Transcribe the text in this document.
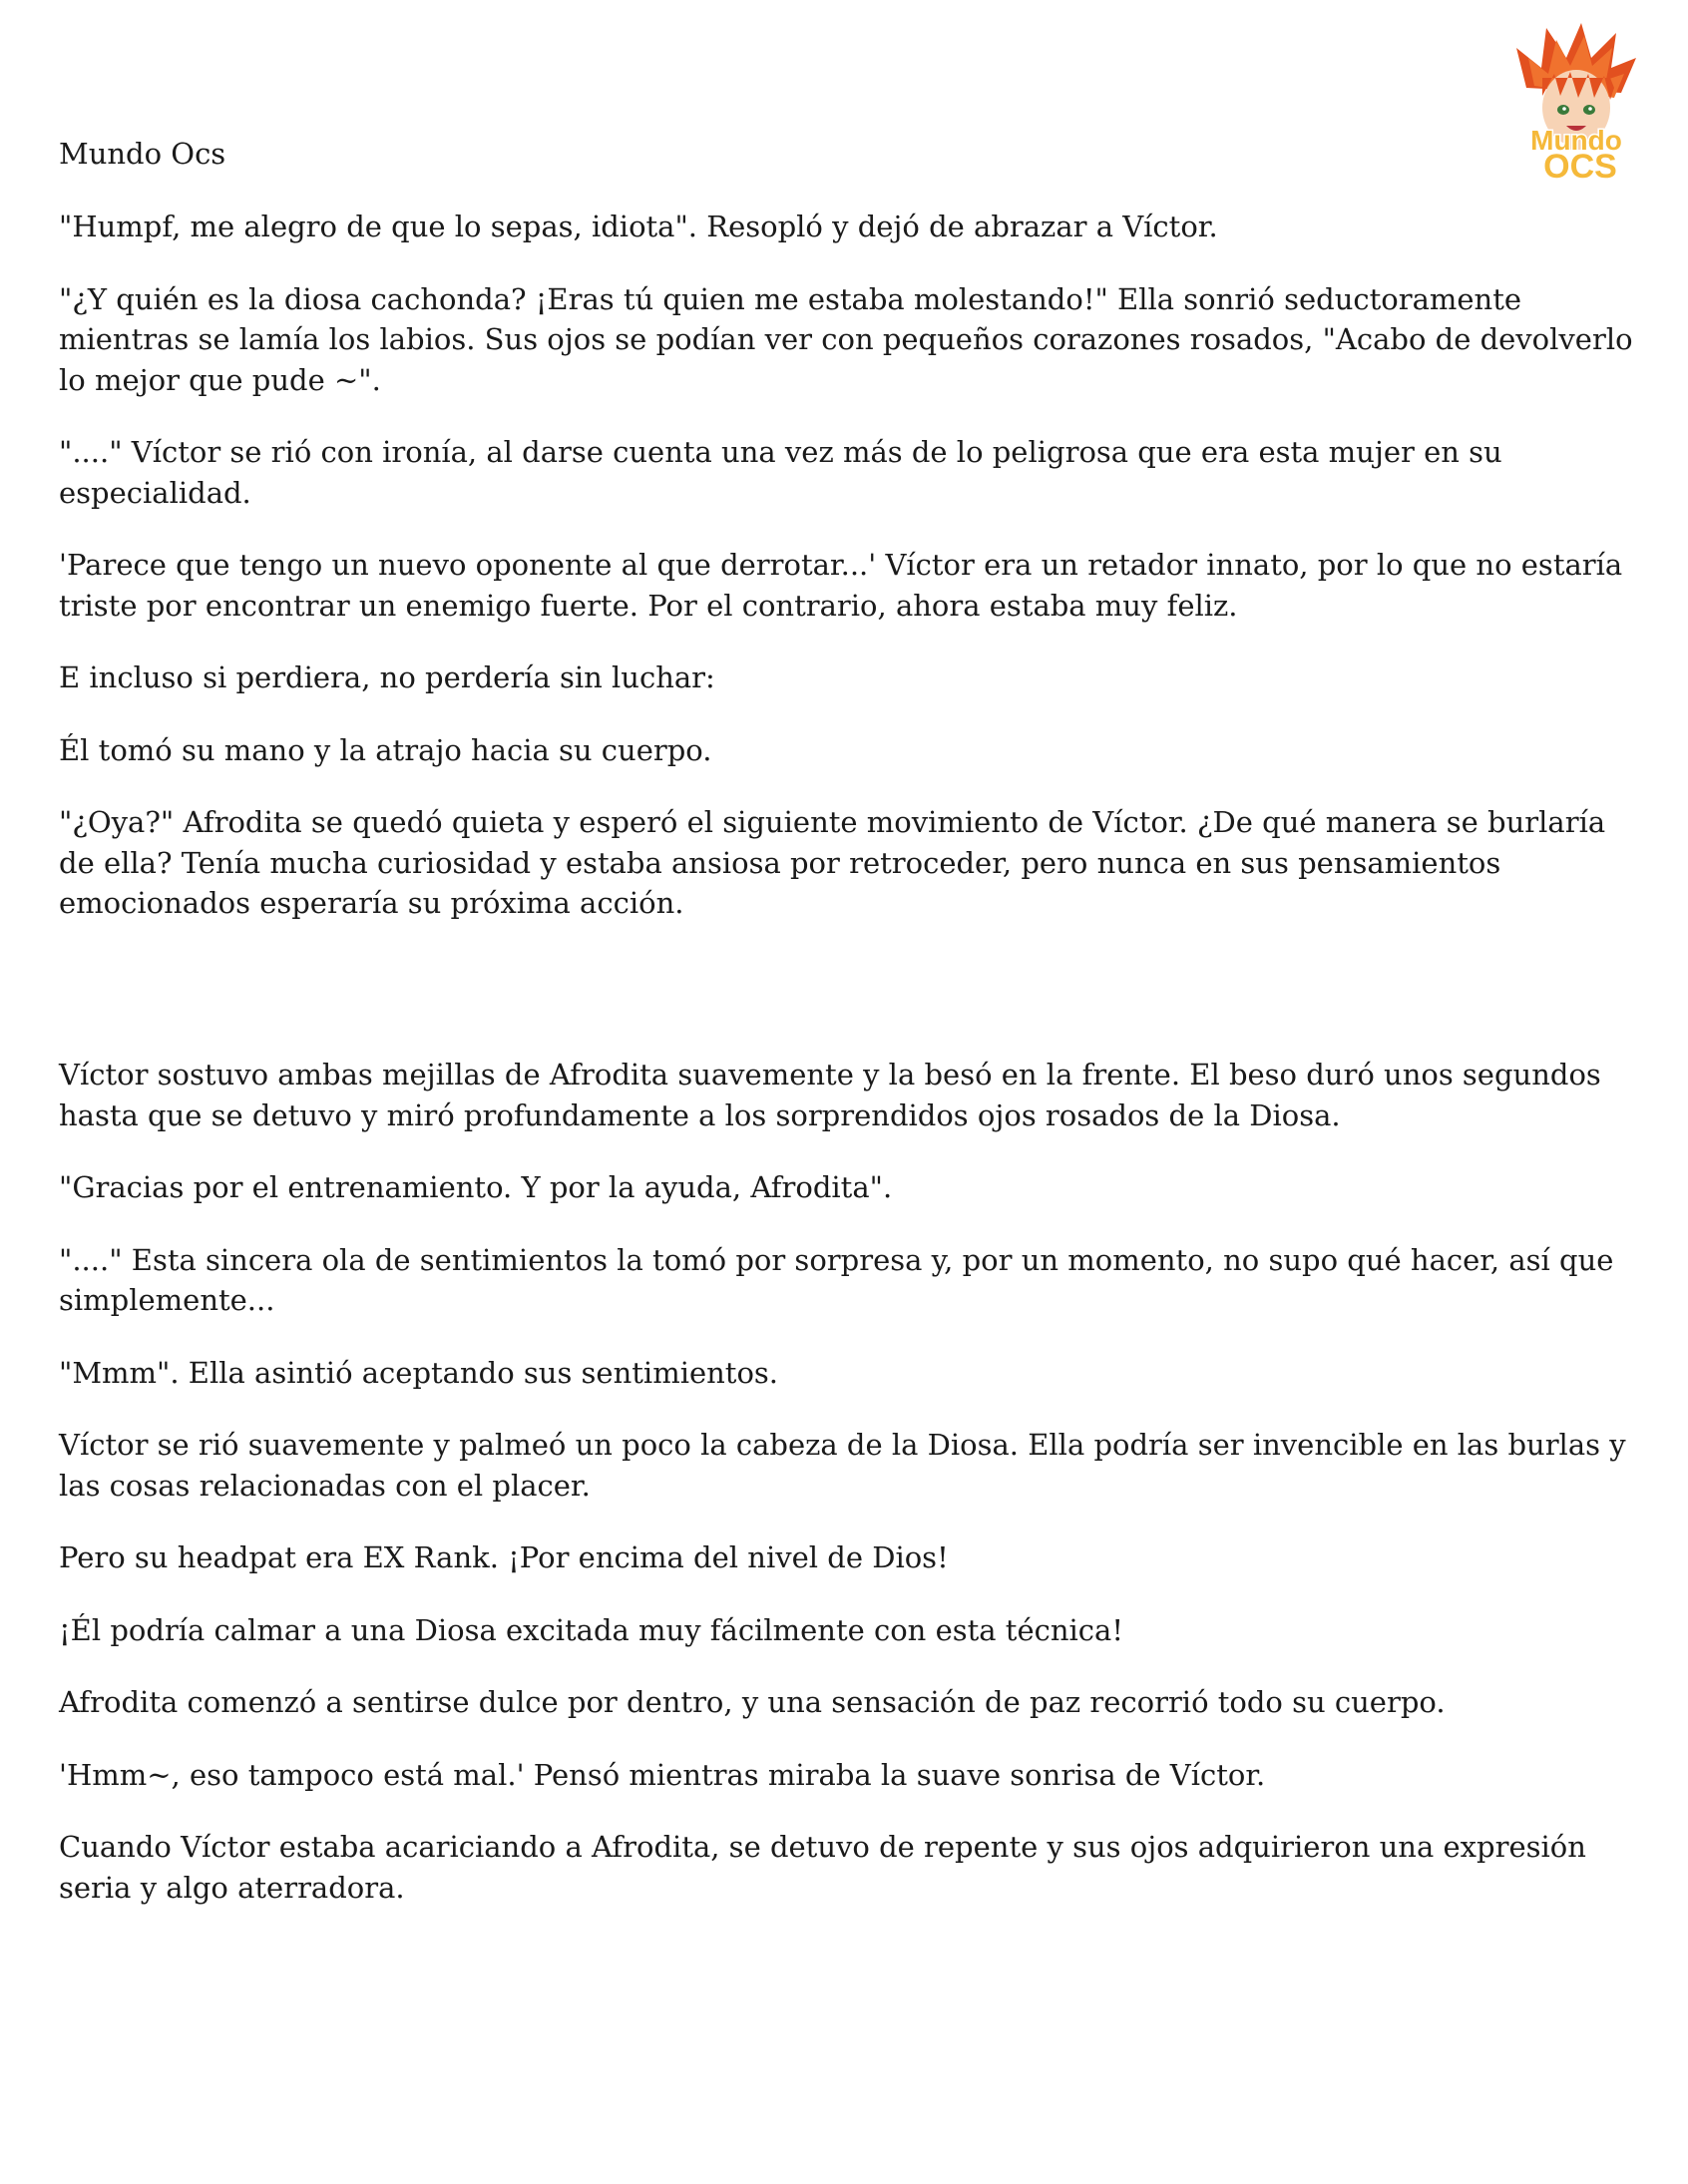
Mundo
OCS
Mundo Ocs

"Humpf, me alegro de que lo sepas, idiota". Resopló y dejó de abrazar a Víctor.

"¿Y quién es la diosa cachonda? ¡Eras tú quien me estaba molestando!" Ella sonrió seductoramente mientras se lamía los labios. Sus ojos se podían ver con pequeños corazones rosados, "Acabo de devolverlo lo mejor que pude ~".

"...." Víctor se rió con ironía, al darse cuenta una vez más de lo peligrosa que era esta mujer en su especialidad.

'Parece que tengo un nuevo oponente al que derrotar...' Víctor era un retador innato, por lo que no estaría triste por encontrar un enemigo fuerte. Por el contrario, ahora estaba muy feliz.

E incluso si perdiera, no perdería sin luchar:

Él tomó su mano y la atrajo hacia su cuerpo.

"¿Oya?" Afrodita se quedó quieta y esperó el siguiente movimiento de Víctor. ¿De qué manera se burlaría de ella? Tenía mucha curiosidad y estaba ansiosa por retroceder, pero nunca en sus pensamientos emocionados esperaría su próxima acción.

Víctor sostuvo ambas mejillas de Afrodita suavemente y la besó en la frente. El beso duró unos segundos hasta que se detuvo y miró profundamente a los sorprendidos ojos rosados de la Diosa.

"Gracias por el entrenamiento. Y por la ayuda, Afrodita".

"...." Esta sincera ola de sentimientos la tomó por sorpresa y, por un momento, no supo qué hacer, así que simplemente...

"Mmm". Ella asintió aceptando sus sentimientos.

Víctor se rió suavemente y palmeó un poco la cabeza de la Diosa. Ella podría ser invencible en las burlas y las cosas relacionadas con el placer.

Pero su headpat era EX Rank. ¡Por encima del nivel de Dios!

¡Él podría calmar a una Diosa excitada muy fácilmente con esta técnica!

Afrodita comenzó a sentirse dulce por dentro, y una sensación de paz recorrió todo su cuerpo.

'Hmm~, eso tampoco está mal.' Pensó mientras miraba la suave sonrisa de Víctor.

Cuando Víctor estaba acariciando a Afrodita, se detuvo de repente y sus ojos adquirieron una expresión seria y algo aterradora.
